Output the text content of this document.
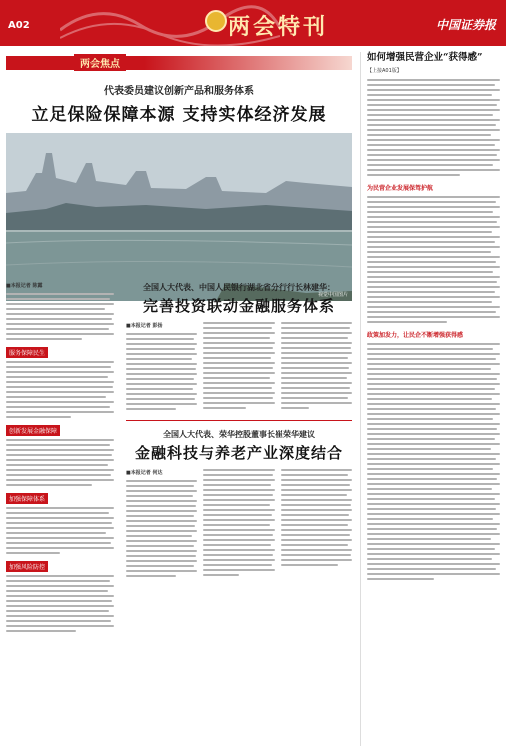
A02	两会特刊	中国证券报
两会焦点
代表委员建议创新产品和服务体系
立足保险保障本源 支持实体经济发展
视觉中国图片
■本报记者 陈露
服务保障民生
创新发展金融保障
加强保障体系
加强风险防控
全国人大代表、中国人民银行湖北省分行行长林建华：
完善投资联动金融服务体系
■本报记者 彭扬
全国人大代表、荣华控股董事长崔荣华建议
金融科技与养老产业深度结合
■本报记者 何达
如何增强民营企业“获得感”
【上接A01版】
为民营企业发展保驾护航
政策加发力，让民企不断增强获得感
